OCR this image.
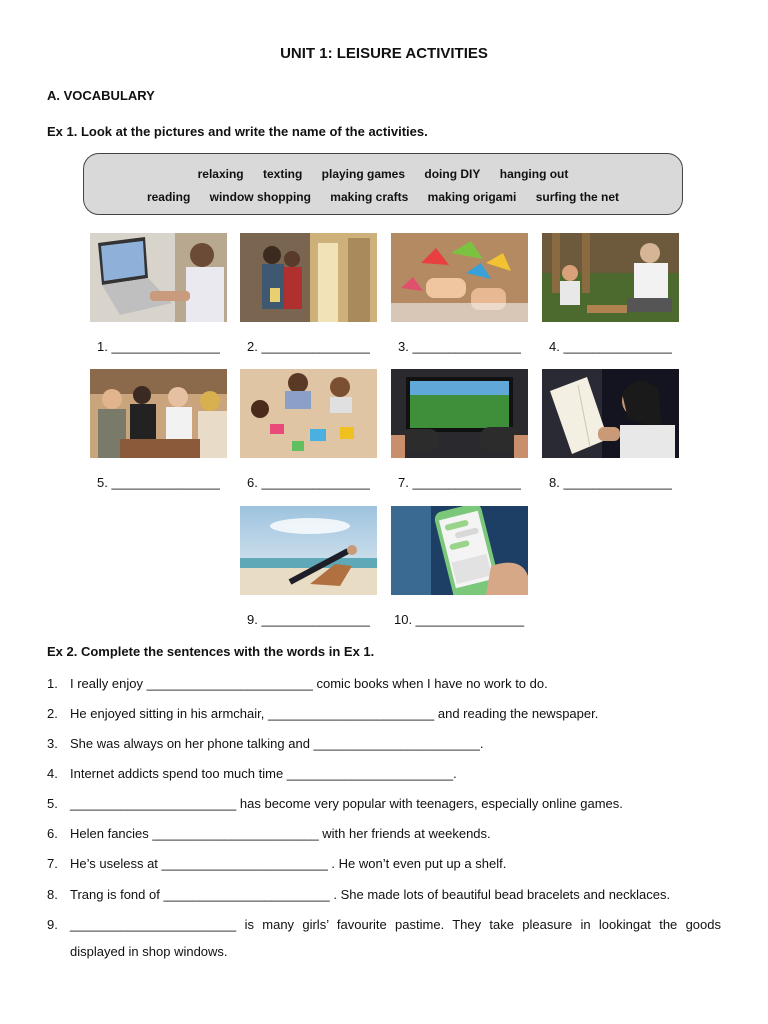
UNIT 1: LEISURE ACTIVITIES
A. VOCABULARY
Ex 1. Look at the pictures and write the name of the activities.
relaxing texting playing games doing DIY hanging out
reading window shopping making crafts making origami surfing the net
1. _______________	2. _______________	3. _______________	4. _______________
5. _______________	6. _______________	7. _______________	8. _______________
9. _______________	10. _______________
Ex 2. Complete the sentences with the words in Ex 1.
1. I really enjoy _______________________ comic books when I have no work to do.
2. He enjoyed sitting in his armchair, _______________________ and reading the newspaper.
3. She was always on her phone talking and _______________________.
4. Internet addicts spend too much time _______________________.
5. _______________________ has become very popular with teenagers, especially online games.
6. Helen fancies _______________________ with her friends at weekends.
7. He’s useless at _______________________ . He won’t even put up a shelf.
8. Trang is fond of _______________________ . She made lots of beautiful bead bracelets and necklaces.
9. _______________________ is many girls’ favourite pastime. They take pleasure in lookingat the goods displayed in shop windows.
